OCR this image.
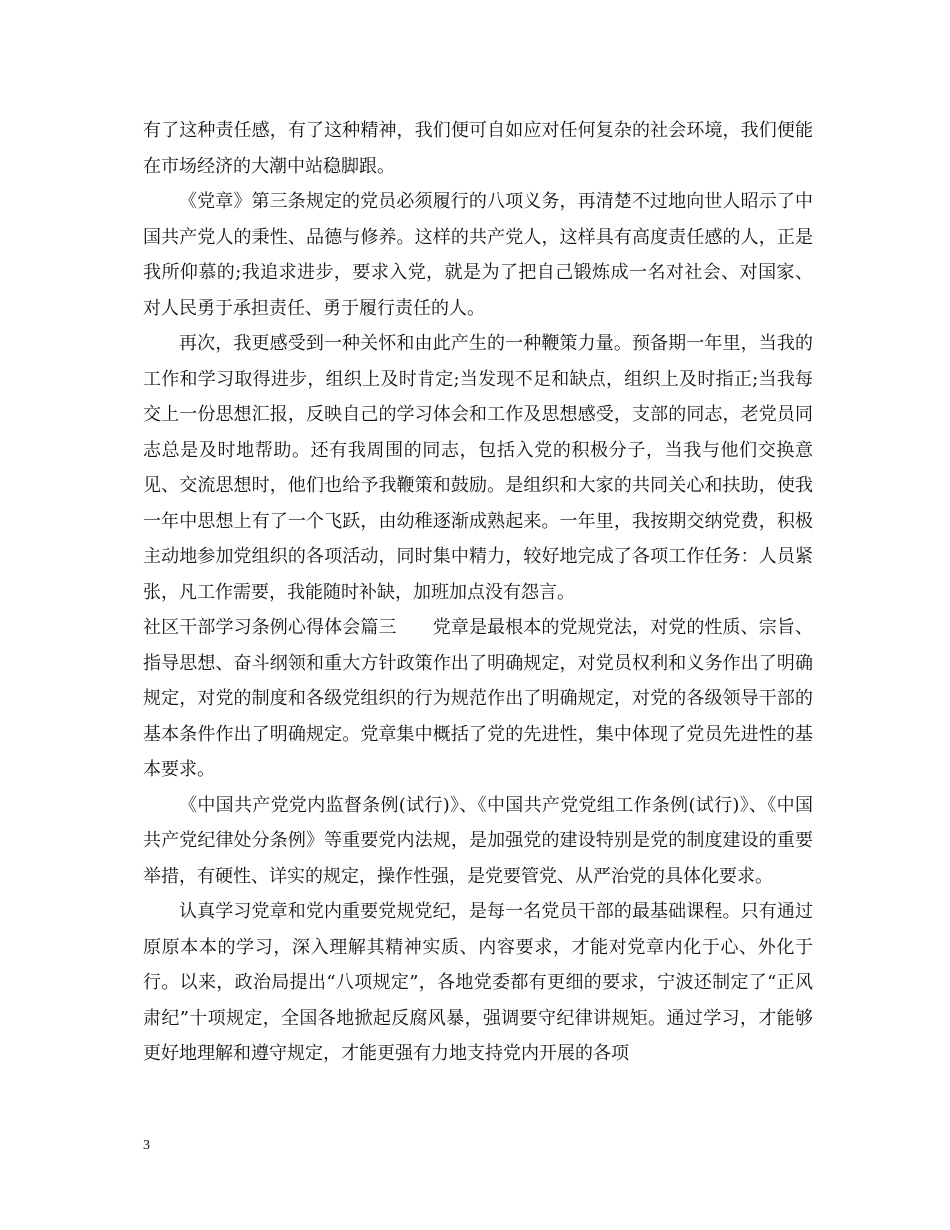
有了这种责任感，有了这种精神，我们便可自如应对任何复杂的社会环境，我们便能在市场经济的大潮中站稳脚跟。

《党章》第三条规定的党员必须履行的八项义务，再清楚不过地向世人昭示了中国共产党人的秉性、品德与修养。这样的共产党人，这样具有高度责任感的人，正是我所仰慕的;我追求进步，要求入党，就是为了把自己锻炼成一名对社会、对国家、对人民勇于承担责任、勇于履行责任的人。

再次，我更感受到一种关怀和由此产生的一种鞭策力量。预备期一年里，当我的工作和学习取得进步，组织上及时肯定;当发现不足和缺点，组织上及时指正;当我每交上一份思想汇报，反映自己的学习体会和工作及思想感受，支部的同志，老党员同志总是及时地帮助。还有我周围的同志，包括入党的积极分子，当我与他们交换意见、交流思想时，他们也给予我鞭策和鼓励。是组织和大家的共同关心和扶助，使我一年中思想上有了一个飞跃，由幼稚逐渐成熟起来。一年里，我按期交纳党费，积极主动地参加党组织的各项活动，同时集中精力，较好地完成了各项工作任务：人员紧张，凡工作需要，我能随时补缺，加班加点没有怨言。

社区干部学习条例心得体会篇三 党章是最根本的党规党法，对党的性质、宗旨、指导思想、奋斗纲领和重大方针政策作出了明确规定，对党员权利和义务作出了明确规定，对党的制度和各级党组织的行为规范作出了明确规定，对党的各级领导干部的基本条件作出了明确规定。党章集中概括了党的先进性，集中体现了党员先进性的基本要求。

《中国共产党党内监督条例(试行)》、《中国共产党党组工作条例(试行)》、《中国共产党纪律处分条例》等重要党内法规，是加强党的建设特别是党的制度建设的重要举措，有硬性、详实的规定，操作性强，是党要管党、从严治党的具体化要求。

认真学习党章和党内重要党规党纪，是每一名党员干部的最基础课程。只有通过原原本本的学习，深入理解其精神实质、内容要求，才能对党章内化于心、外化于行。以来，政治局提出“八项规定”，各地党委都有更细的要求，宁波还制定了“正风肃纪”十项规定，全国各地掀起反腐风暴，强调要守纪律讲规矩。通过学习，才能够更好地理解和遵守规定，才能更强有力地支持党内开展的各项

3
